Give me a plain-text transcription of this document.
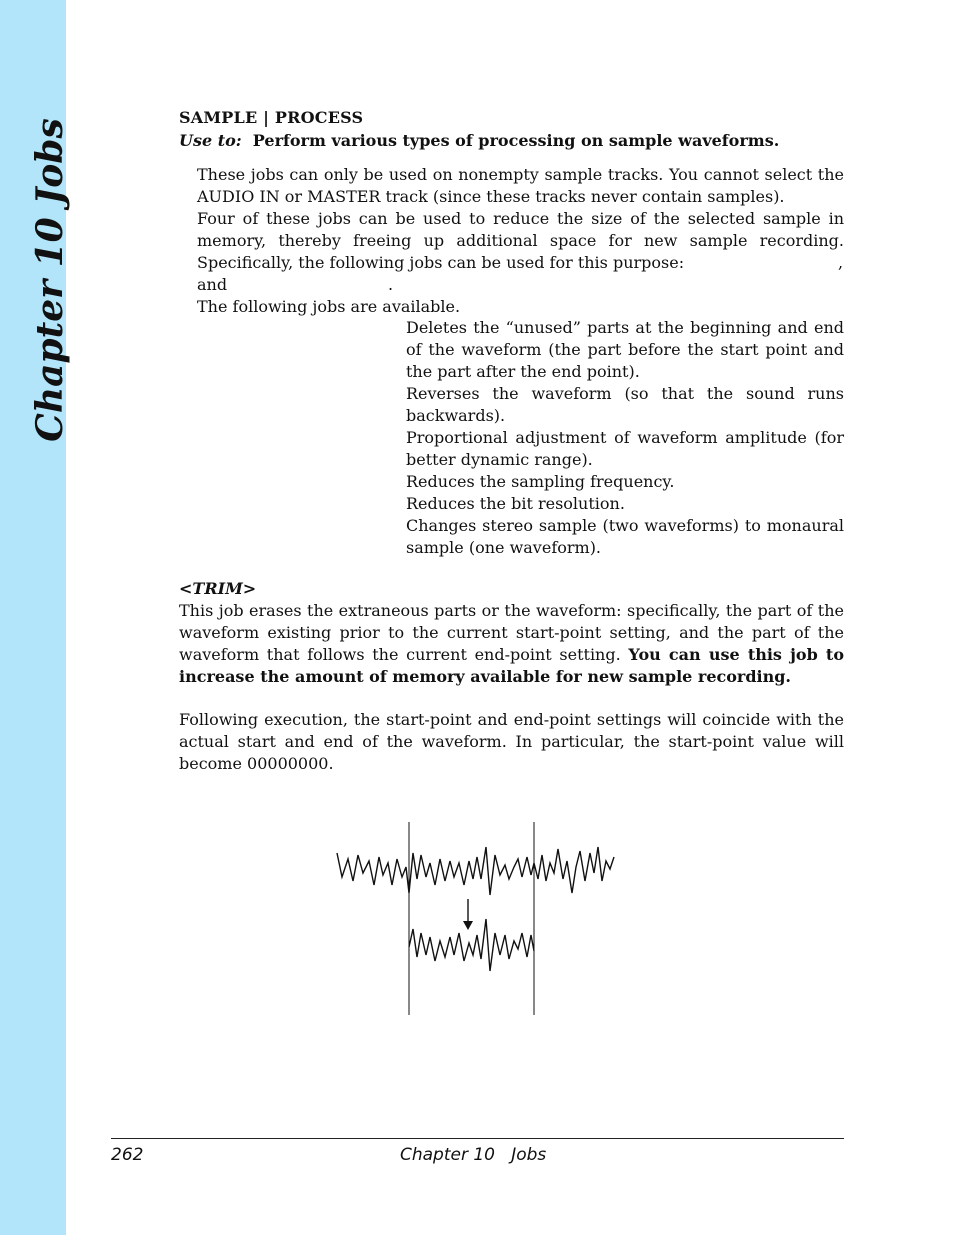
Chapter 10 Jobs
SAMPLE | PROCESS
Use to: Perform various types of processing on sample waveforms.
These jobs can only be used on nonempty sample tracks. You cannot select the AUDIO IN or MASTER track (since these tracks never contain samples).
Four of these jobs can be used to reduce the size of the selected sample in memory, thereby freeing up additional space for new sample recording. Specifically, the following jobs can be used for this purpose:	,
and	.
The following jobs are available.
Deletes the “unused” parts at the beginning and end of the waveform (the part before the start point and the part after the end point).
Reverses the waveform (so that the sound runs backwards).
Proportional adjustment of waveform amplitude (for better dynamic range).
Reduces the sampling frequency.
Reduces the bit resolution.
Changes stereo sample (two waveforms) to monaural sample (one waveform).
<TRIM>
This job erases the extraneous parts or the waveform: specifically, the part of the waveform existing prior to the current start-point setting, and the part of the waveform that follows the current end-point setting. You can use this job to increase the amount of memory available for new sample recording.
Following execution, the start-point and end-point settings will coincide with the actual start and end of the waveform. In particular, the start-point value will become 00000000.
262	Chapter 10   Jobs
